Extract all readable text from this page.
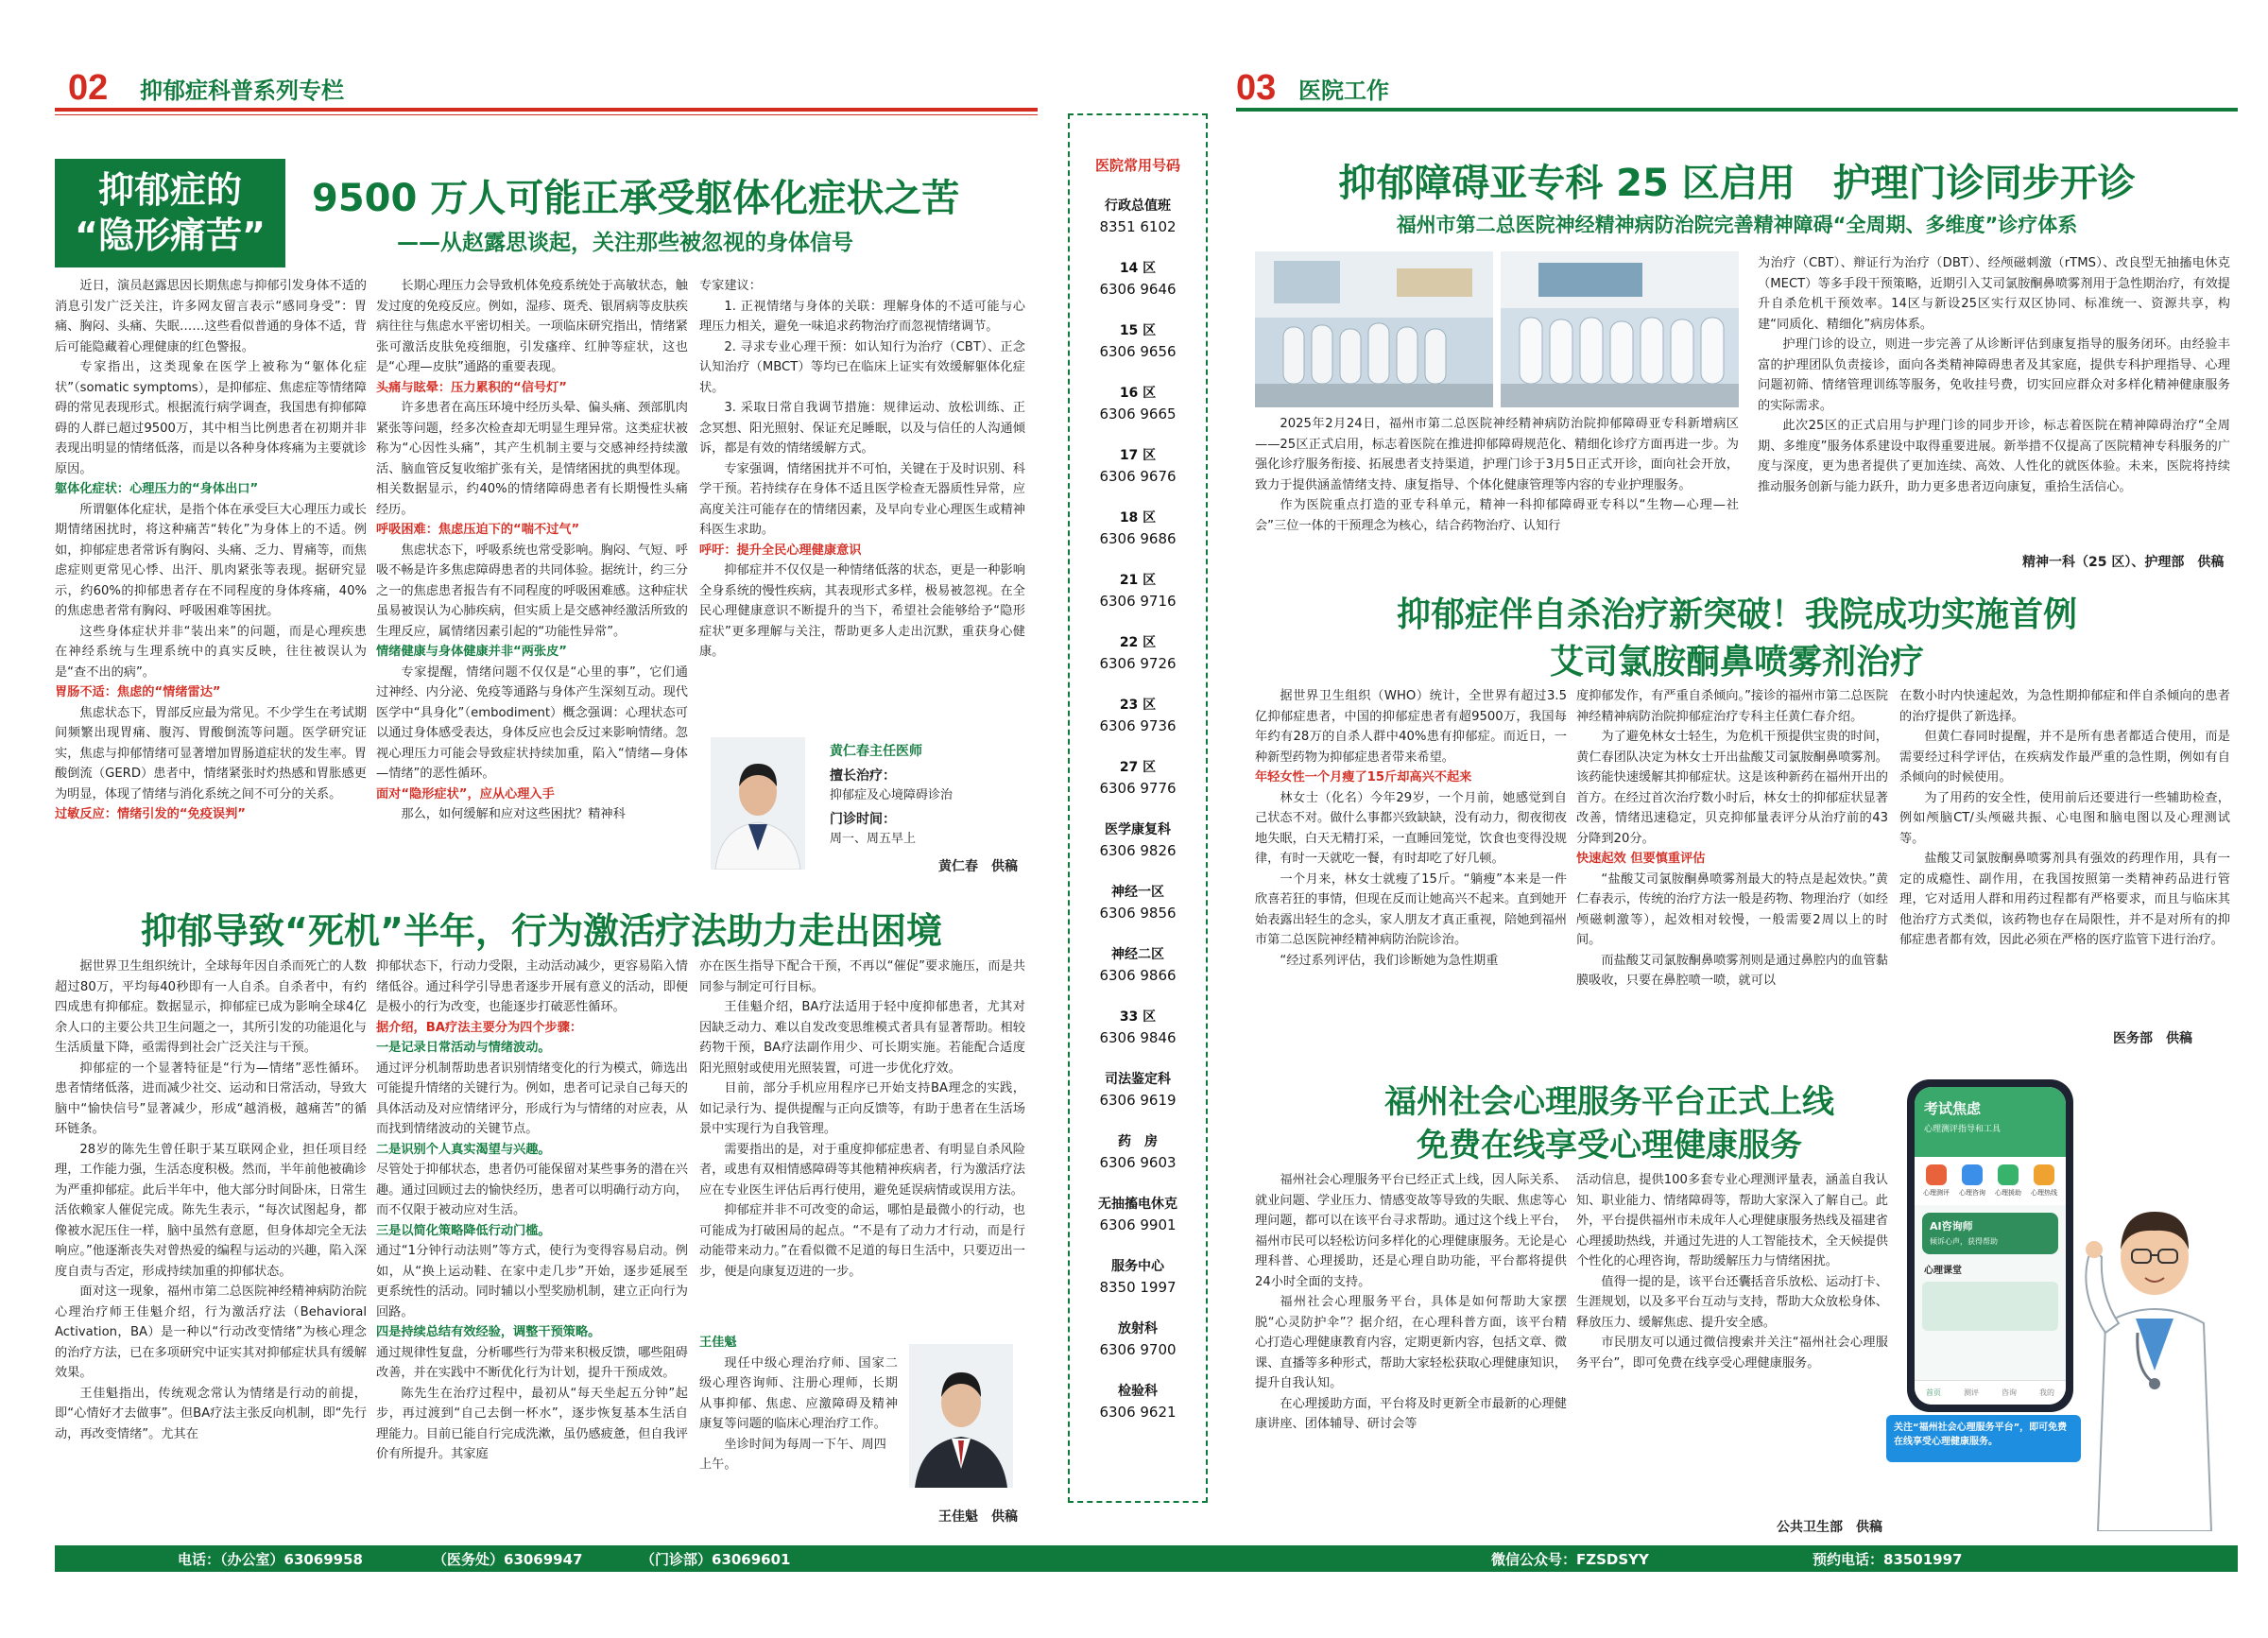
02 抑郁症科普系列专栏	03 医院工作
抑郁症的
“隐形痛苦”
9500 万人可能正承受躯体化症状之苦
——从赵露思谈起，关注那些被忽视的身体信号

近日，演员赵露思因长期焦虑与抑郁引发身体不适的消息引发广泛关注，许多网友留言表示“感同身受”：胃痛、胸闷、头痛、失眠……这些看似普通的身体不适，背后可能隐藏着心理健康的红色警报。

专家指出，这类现象在医学上被称为“躯体化症状”（somatic symptoms），是抑郁症、焦虑症等情绪障碍的常见表现形式。根据流行病学调查，我国患有抑郁障碍的人群已超过9500万，其中相当比例患者在初期并非表现出明显的情绪低落，而是以各种身体疼痛为主要就诊原因。

躯体化症状：心理压力的“身体出口”

所谓躯体化症状，是指个体在承受巨大心理压力或长期情绪困扰时，将这种痛苦“转化”为身体上的不适。例如，抑郁症患者常诉有胸闷、头痛、乏力、胃痛等，而焦虑症则更常见心悸、出汗、肌肉紧张等表现。据研究显示，约60%的抑郁患者存在不同程度的身体疼痛，40%的焦虑患者常有胸闷、呼吸困难等困扰。

这些身体症状并非“装出来”的问题，而是心理疾患在神经系统与生理系统中的真实反映，往往被误认为是“查不出的病”。

胃肠不适：焦虑的“情绪雷达”

焦虑状态下，胃部反应最为常见。不少学生在考试期间频繁出现胃痛、腹泻、胃酸倒流等问题。医学研究证实，焦虑与抑郁情绪可显著增加胃肠道症状的发生率。胃酸倒流（GERD）患者中，情绪紧张时灼热感和胃胀感更为明显，体现了情绪与消化系统之间不可分的关系。

过敏反应：情绪引发的“免疫误判”

长期心理压力会导致机体免疫系统处于高敏状态，触发过度的免疫反应。例如，湿疹、斑秃、银屑病等皮肤疾病往往与焦虑水平密切相关。一项临床研究指出，情绪紧张可激活皮肤免疫细胞，引发瘙痒、红肿等症状，这也是“心理—皮肤”通路的重要表现。

头痛与眩晕：压力累积的“信号灯”

许多患者在高压环境中经历头晕、偏头痛、颈部肌肉紧张等问题，经多次检查却无明显生理异常。这类症状被称为“心因性头痛”，其产生机制主要与交感神经持续激活、脑血管反复收缩扩张有关，是情绪困扰的典型体现。相关数据显示，约40%的情绪障碍患者有长期慢性头痛经历。

呼吸困难：焦虑压迫下的“喘不过气”

焦虑状态下，呼吸系统也常受影响。胸闷、气短、呼吸不畅是许多焦虑障碍患者的共同体验。据统计，约三分之一的焦虑患者报告有不同程度的呼吸困难感。这种症状虽易被误认为心肺疾病，但实质上是交感神经激活所致的生理反应，属情绪因素引起的“功能性异常”。

情绪健康与身体健康并非“两张皮”

专家提醒，情绪问题不仅仅是“心里的事”，它们通过神经、内分泌、免疫等通路与身体产生深刻互动。现代医学中“具身化”（embodiment）概念强调：心理状态可以通过身体感受表达，身体反应也会反过来影响情绪。忽视心理压力可能会导致症状持续加重，陷入“情绪—身体—情绪”的恶性循环。

面对“隐形症状”，应从心理入手

那么，如何缓解和应对这些困扰？精神科

专家建议：

1. 正视情绪与身体的关联：理解身体的不适可能与心理压力相关，避免一味追求药物治疗而忽视情绪调节。

2. 寻求专业心理干预：如认知行为治疗（CBT）、正念认知治疗（MBCT）等均已在临床上证实有效缓解躯体化症状。

3. 采取日常自我调节措施：规律运动、放松训练、正念冥想、阳光照射、保证充足睡眠，以及与信任的人沟通倾诉，都是有效的情绪缓解方式。

专家强调，情绪困扰并不可怕，关键在于及时识别、科学干预。若持续存在身体不适且医学检查无器质性异常，应高度关注可能存在的情绪因素，及早向专业心理医生或精神科医生求助。

呼吁：提升全民心理健康意识

抑郁症并不仅仅是一种情绪低落的状态，更是一种影响全身系统的慢性疾病，其表现形式多样，极易被忽视。在全民心理健康意识不断提升的当下，希望社会能够给予“隐形症状”更多理解与关注，帮助更多人走出沉默，重获身心健康。

黄仁春主任医师
擅长治疗：
抑郁症及心境障碍诊治
门诊时间：
周一、周五早上
黄仁春　供稿
抑郁导致“死机”半年，行为激活疗法助力走出困境

据世界卫生组织统计，全球每年因自杀而死亡的人数超过80万，平均每40秒即有一人自杀。自杀者中，有约四成患有抑郁症。数据显示，抑郁症已成为影响全球4亿余人口的主要公共卫生问题之一，其所引发的功能退化与生活质量下降，亟需得到社会广泛关注与干预。

抑郁症的一个显著特征是“行为—情绪”恶性循环。患者情绪低落，进而减少社交、运动和日常活动，导致大脑中“愉快信号”显著减少，形成“越消极，越痛苦”的循环链条。

28岁的陈先生曾任职于某互联网企业，担任项目经理，工作能力强，生活态度积极。然而，半年前他被确诊为严重抑郁症。此后半年中，他大部分时间卧床，日常生活依赖家人催促完成。陈先生表示，“每次试图起身，都像被水泥压住一样，脑中虽然有意愿，但身体却完全无法响应。”他逐渐丧失对曾热爱的编程与运动的兴趣，陷入深度自责与否定，形成持续加重的抑郁状态。

面对这一现象，福州市第二总医院神经精神病防治院心理治疗师王佳魁介绍，行为激活疗法（Behavioral Activation，BA）是一种以“行动改变情绪”为核心理念的治疗方法，已在多项研究中证实其对抑郁症状具有缓解效果。

王佳魁指出，传统观念常认为情绪是行动的前提，即“心情好才去做事”。但BA疗法主张反向机制，即“先行动，再改变情绪”。尤其在

抑郁状态下，行动力受限，主动活动减少，更容易陷入情绪低谷。通过科学引导患者逐步开展有意义的活动，即便是极小的行为改变，也能逐步打破恶性循环。

据介绍，BA疗法主要分为四个步骤：

一是记录日常活动与情绪波动。

通过评分机制帮助患者识别情绪变化的行为模式，筛选出可能提升情绪的关键行为。例如，患者可记录自己每天的具体活动及对应情绪评分，形成行为与情绪的对应表，从而找到情绪波动的关键节点。

二是识别个人真实渴望与兴趣。

尽管处于抑郁状态，患者仍可能保留对某些事务的潜在兴趣。通过回顾过去的愉快经历，患者可以明确行动方向，而不仅限于被动应对生活。

三是以简化策略降低行动门槛。

通过“1分钟行动法则”等方式，使行为变得容易启动。例如，从“换上运动鞋、在家中走几步”开始，逐步延展至更系统性的活动。同时辅以小型奖励机制，建立正向行为回路。

四是持续总结有效经验，调整干预策略。

通过规律性复盘，分析哪些行为带来积极反馈，哪些阻碍改善，并在实践中不断优化行为计划，提升干预成效。

陈先生在治疗过程中，最初从“每天坐起五分钟”起步，再过渡到“自己去倒一杯水”，逐步恢复基本生活自理能力。目前已能自行完成洗漱，虽仍感疲惫，但自我评价有所提升。其家庭

亦在医生指导下配合干预，不再以“催促”要求施压，而是共同参与制定可行目标。

王佳魁介绍，BA疗法适用于轻中度抑郁患者，尤其对因缺乏动力、难以自发改变思维模式者具有显著帮助。相较药物干预，BA疗法副作用少、可长期实施。若能配合适度阳光照射或使用光照装置，可进一步优化疗效。

目前，部分手机应用程序已开始支持BA理念的实践，如记录行为、提供提醒与正向反馈等，有助于患者在生活场景中实现行为自我管理。

需要指出的是，对于重度抑郁症患者、有明显自杀风险者，或患有双相情感障碍等其他精神疾病者，行为激活疗法应在专业医生评估后再行使用，避免延误病情或误用方法。

抑郁症并非不可改变的命运，哪怕是最微小的行动，也可能成为打破困局的起点。“不是有了动力才行动，而是行动能带来动力。”在看似微不足道的每日生活中，只要迈出一步，便是向康复迈进的一步。

王佳魁
现任中级心理治疗师、国家二级心理咨询师、注册心理师，长期从事抑郁、焦虑、应激障碍及精神康复等问题的临床心理治疗工作。
坐诊时间为每周一下午、周四上午。
王佳魁　供稿
医院常用号码
行政总值班
8351 6102
14 区
6306 9646
15 区
6306 9656
16 区
6306 9665
17 区
6306 9676
18 区
6306 9686
21 区
6306 9716
22 区
6306 9726
23 区
6306 9736
27 区
6306 9776
医学康复科
6306 9826
神经一区
6306 9856
神经二区
6306 9866
33 区
6306 9846
司法鉴定科
6306 9619
药　房
6306 9603
无抽搐电休克
6306 9901
服务中心
8350 1997
放射科
6306 9700
检验科
6306 9621
抑郁障碍亚专科 25 区启用　护理门诊同步开诊
福州市第二总医院神经精神病防治院完善精神障碍“全周期、多维度”诊疗体系

2025年2月24日，福州市第二总医院神经精神病防治院抑郁障碍亚专科新增病区——25区正式启用，标志着医院在推进抑郁障碍规范化、精细化诊疗方面再进一步。为强化诊疗服务衔接、拓展患者支持渠道，护理门诊于3月5日正式开诊，面向社会开放，致力于提供涵盖情绪支持、康复指导、个体化健康管理等内容的专业护理服务。

作为医院重点打造的亚专科单元，精神一科抑郁障碍亚专科以“生物—心理—社会”三位一体的干预理念为核心，结合药物治疗、认知行

为治疗（CBT）、辩证行为治疗（DBT）、经颅磁刺激（rTMS）、改良型无抽搐电休克（MECT）等多手段干预策略，近期引入艾司氯胺酮鼻喷雾剂用于急性期治疗，有效提升自杀危机干预效率。14区与新设25区实行双区协同、标准统一、资源共享，构建“同质化、精细化”病房体系。

护理门诊的设立，则进一步完善了从诊断评估到康复指导的服务闭环。由经验丰富的护理团队负责接诊，面向各类精神障碍患者及其家庭，提供专科护理指导、心理问题初筛、情绪管理训练等服务，免收挂号费，切实回应群众对多样化精神健康服务的实际需求。

此次25区的正式启用与护理门诊的同步开诊，标志着医院在精神障碍治疗“全周期、多维度”服务体系建设中取得重要进展。新举措不仅提高了医院精神专科服务的广度与深度，更为患者提供了更加连续、高效、人性化的就医体验。未来，医院将持续推动服务创新与能力跃升，助力更多患者迈向康复，重拾生活信心。

精神一科（25 区）、护理部　供稿
抑郁症伴自杀治疗新突破！我院成功实施首例
艾司氯胺酮鼻喷雾剂治疗

据世界卫生组织（WHO）统计，全世界有超过3.5亿抑郁症患者，中国的抑郁症患者有超9500万，我国每年约有28万的自杀人群中40%患有抑郁症。而近日，一种新型药物为抑郁症患者带来希望。

年轻女性一个月瘦了15斤却高兴不起来

林女士（化名）今年29岁，一个月前，她感觉到自己状态不对。做什么事都兴致缺缺，没有动力，彻夜彻夜地失眠，白天无精打采，一直睡回笼觉，饮食也变得没规律，有时一天就吃一餐，有时却吃了好几顿。

一个月来，林女士就瘦了15斤。“躺瘦”本来是一件欣喜若狂的事情，但现在反而让她高兴不起来。直到她开始表露出轻生的念头，家人朋友才真正重视，陪她到福州市第二总医院神经精神病防治院诊治。

“经过系列评估，我们诊断她为急性期重

度抑郁发作，有严重自杀倾向。”接诊的福州市第二总医院神经精神病防治院抑郁症治疗专科主任黄仁春介绍。

为了避免林女士轻生，为危机干预提供宝贵的时间，黄仁春团队决定为林女士开出盐酸艾司氯胺酮鼻喷雾剂。该药能快速缓解其抑郁症状。这是该种新药在福州开出的首方。在经过首次治疗数小时后，林女士的抑郁症状显著改善，情绪迅速稳定，贝克抑郁量表评分从治疗前的43分降到20分。

快速起效 但要慎重评估

“盐酸艾司氯胺酮鼻喷雾剂最大的特点是起效快。”黄仁春表示，传统的治疗方法一般是药物、物理治疗（如经颅磁刺激等），起效相对较慢，一般需要2周以上的时间。

而盐酸艾司氯胺酮鼻喷雾剂则是通过鼻腔内的血管黏膜吸收，只要在鼻腔喷一喷，就可以

在数小时内快速起效，为急性期抑郁症和伴自杀倾向的患者的治疗提供了新选择。

但黄仁春同时提醒，并不是所有患者都适合使用，而是需要经过科学评估，在疾病发作最严重的急性期，例如有自杀倾向的时候使用。

为了用药的安全性，使用前后还要进行一些辅助检查，例如颅脑CT/头颅磁共振、心电图和脑电图以及心理测试等。

盐酸艾司氯胺酮鼻喷雾剂具有强效的药理作用，具有一定的成瘾性、副作用，在我国按照第一类精神药品进行管理，它对适用人群和用药过程都有严格要求，而且与临床其他治疗方式类似，该药物也存在局限性，并不是对所有的抑郁症患者都有效，因此必须在严格的医疗监管下进行治疗。

医务部　供稿
福州社会心理服务平台正式上线
免费在线享受心理健康服务

福州社会心理服务平台已经正式上线，因人际关系、就业问题、学业压力、情感变故等导致的失眠、焦虑等心理问题，都可以在该平台寻求帮助。通过这个线上平台，福州市民可以轻松访问多样化的心理健康服务。无论是心理科普、心理援助，还是心理自助功能，平台都将提供24小时全面的支持。

福州社会心理服务平台，具体是如何帮助大家摆脱“心灵防护伞”？据介绍，在心理科普方面，该平台精心打造心理健康教育内容，定期更新内容，包括文章、微课、直播等多种形式，帮助大家轻松获取心理健康知识，提升自我认知。

在心理援助方面，平台将及时更新全市最新的心理健康讲座、团体辅导、研讨会等

活动信息，提供100多套专业心理测评量表，涵盖自我认知、职业能力、情绪障碍等，帮助大家深入了解自己。此外，平台提供福州市未成年人心理健康服务热线及福建省心理援助热线，并通过先进的人工智能技术，全天候提供个性化的心理咨询，帮助缓解压力与情绪困扰。

值得一提的是，该平台还囊括音乐放松、运动打卡、生涯规划，以及多平台互动与支持，帮助大众放松身体、释放压力、缓解焦虑、提升安全感。

市民朋友可以通过微信搜索并关注“福州社会心理服务平台”，即可免费在线享受心理健康服务。

公共卫生部　供稿
考试焦虑
心理测评指导和工具
心理测评	心理咨询	心理援助	心理热线
AI咨询师
倾诉心声，获得帮助
心理课堂
首页	测评	咨询	我的
关注“福州社会心理服务平台”，即可免费在线享受心理健康服务。
电话：（办公室）63069958	（医务处）63069947	（门诊部）63069601	微信公众号：FZSDSYY	预约电话：83501997
